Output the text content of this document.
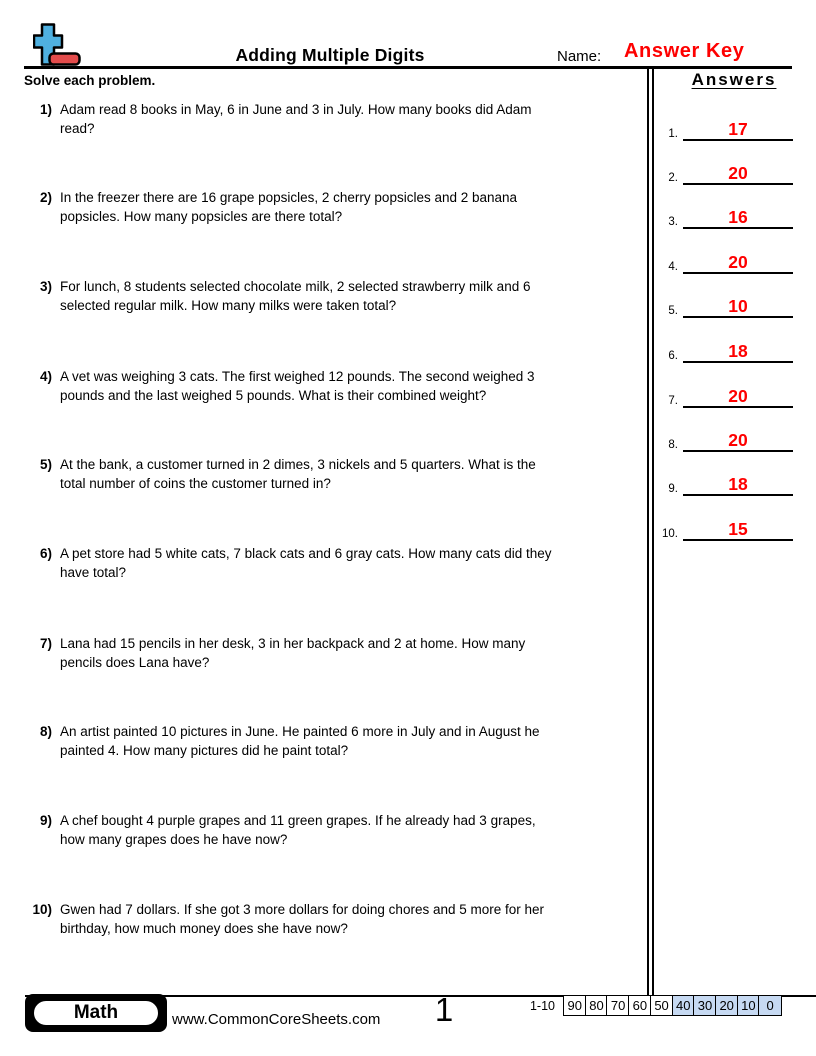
Adding Multiple Digits	Name: Answer Key
Solve each problem.	Answers
1.	17
2.	20
3.	16
4.	20
5.	10
6.	18
7.	20
8.	20
9.	18
10.	15
1) Adam read 8 books in May, 6 in June and 3 in July. How many books did Adam
read?
2) In the freezer there are 16 grape popsicles, 2 cherry popsicles and 2 banana
popsicles. How many popsicles are there total?
3) For lunch, 8 students selected chocolate milk, 2 selected strawberry milk and 6
selected regular milk. How many milks were taken total?
4) A vet was weighing 3 cats. The first weighed 12 pounds. The second weighed 3
pounds and the last weighed 5 pounds. What is their combined weight?
5) At the bank, a customer turned in 2 dimes, 3 nickels and 5 quarters. What is the
total number of coins the customer turned in?
6) A pet store had 5 white cats, 7 black cats and 6 gray cats. How many cats did they
have total?
7) Lana had 15 pencils in her desk, 3 in her backpack and 2 at home. How many
pencils does Lana have?
8) An artist painted 10 pictures in June. He painted 6 more in July and in August he
painted 4. How many pictures did he paint total?
9) A chef bought 4 purple grapes and 11 green grapes. If he already had 3 grapes,
how many grapes does he have now?
10) Gwen had 7 dollars. If she got 3 more dollars for doing chores and 5 more for her
birthday, how much money does she have now?
Math	www.CommonCoreSheets.com	1	1-10 90 80 70 60 50 40 30 20 10 0
